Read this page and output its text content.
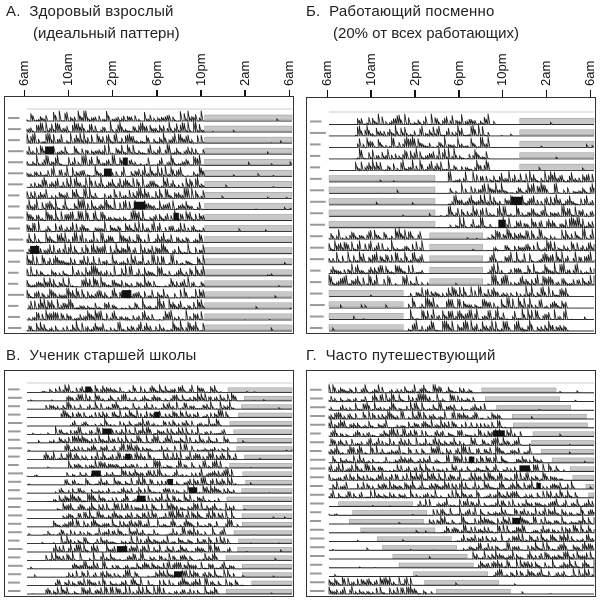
А. Здоровый взрослый
(идеальный паттерн)
6am 10am 2pm 6pm 10pm 2am 6am
Б. Работающий посменно
(20% от всех работающих)
6am 10am 2pm 6pm 10pm 2am 6am
В. Ученик старшей школы	Г. Часто путешествующий
